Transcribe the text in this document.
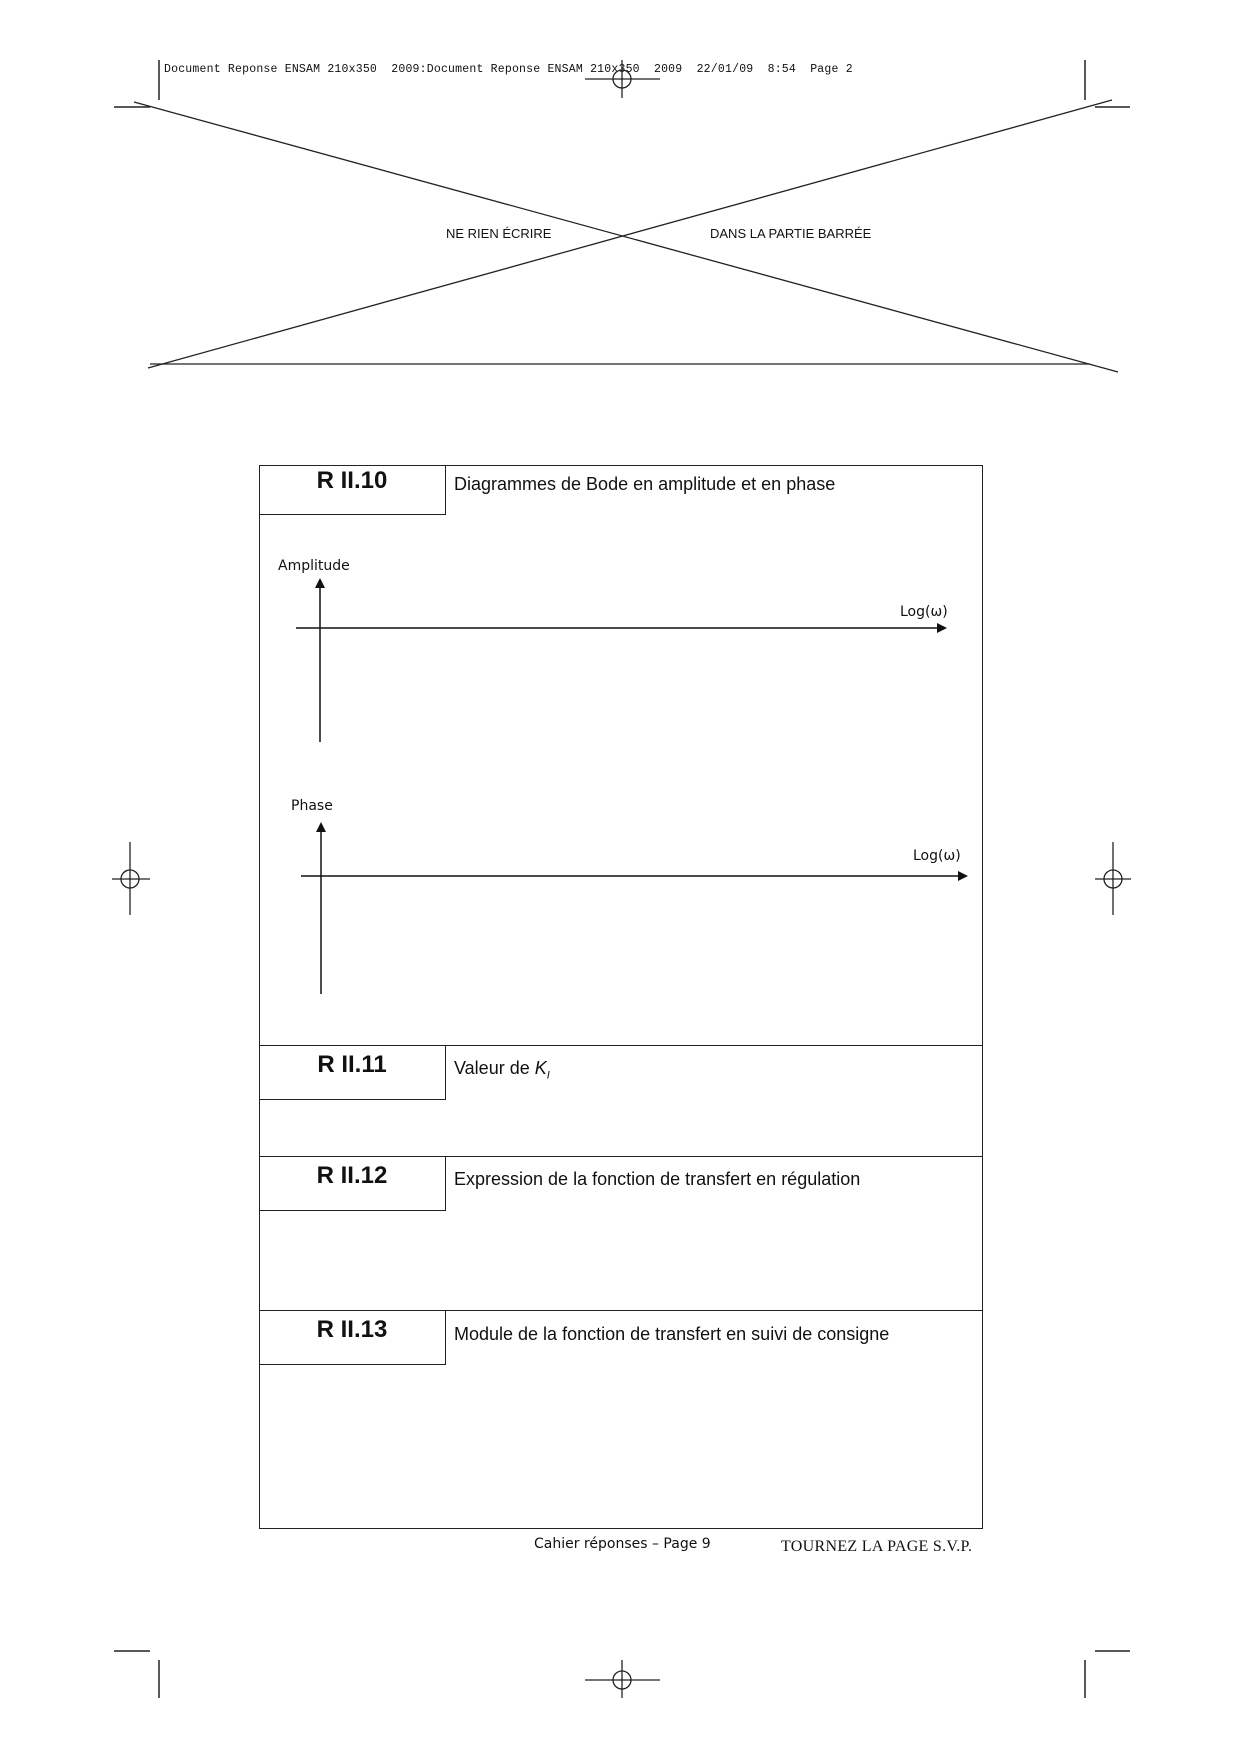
Document Reponse ENSAM 210x350  2009:Document Reponse ENSAM 210x350  2009  22/01/09  8:54  Page 2
NE RIEN ÉCRIRE	DANS LA PARTIE BARRÉE
R II.10	Diagrammes de Bode en amplitude et en phase
Amplitude
Log(ω)
Phase
Log(ω)
R II.11	Valeur de $K_I$
R II.12	Expression de la fonction de transfert en régulation
R II.13	Module de la fonction de transfert en suivi de consigne
Cahier réponses – Page 9	TOURNEZ LA PAGE S.V.P.
